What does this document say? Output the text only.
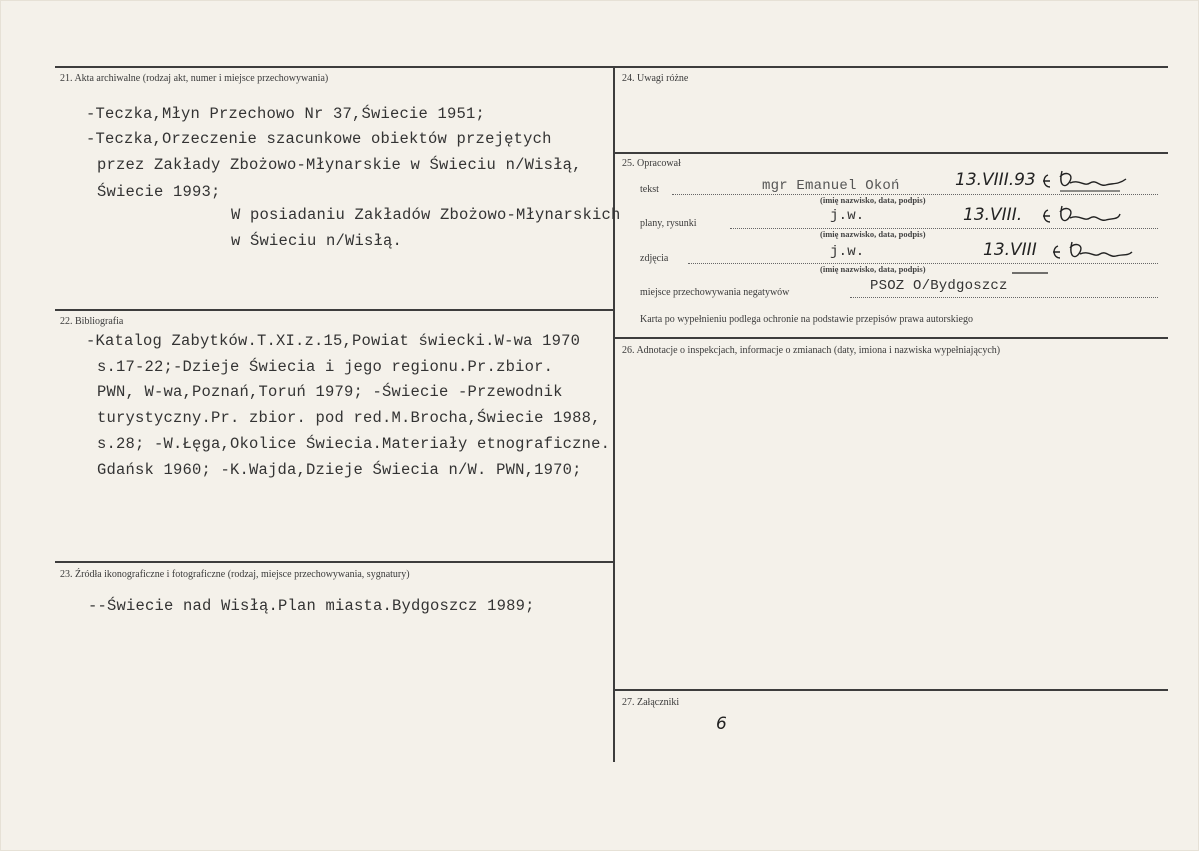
21. Akta archiwalne (rodzaj akt, numer i miejsce przechowywania)
-Teczka,Młyn Przechowo Nr 37,Świecie 1951;
-Teczka,Orzeczenie szacunkowe obiektów przejętych
przez Zakłady Zbożowo-Młynarskie w Świeciu n/Wisłą,
Świecie 1993;
W posiadaniu Zakładów Zbożowo-Młynarskich
w Świeciu n/Wisłą.
22. Bibliografia
-Katalog Zabytków.T.XI.z.15,Powiat świecki.W-wa 1970
s.17-22;-Dzieje Świecia i jego regionu.Pr.zbior.
PWN, W-wa,Poznań,Toruń 1979; -Świecie -Przewodnik
turystyczny.Pr. zbior. pod red.M.Brocha,Świecie 1988,
s.28; -W.Łęga,Okolice Świecia.Materiały etnograficzne.
Gdańsk 1960; -K.Wajda,Dzieje Świecia n/W. PWN,1970;
23. Źródła ikonograficzne i fotograficzne (rodzaj, miejsce przechowywania, sygnatury)
--Świecie nad Wisłą.Plan miasta.Bydgoszcz 1989;
24. Uwagi różne
25. Opracował
tekst	mgr Emanuel Okoń	13.VIII.93
(imię nazwisko, data, podpis)
plany, rysunki	j.w.	13.VIII.
(imię nazwisko, data, podpis)
zdjęcia	j.w.	13.VIII
(imię nazwisko, data, podpis)
miejsce przechowywania negatywów	PSOZ O/Bydgoszcz
Karta po wypełnieniu podlega ochronie na podstawie przepisów prawa autorskiego
26. Adnotacje o inspekcjach, informacje o zmianach (daty, imiona i nazwiska wypełniających)
27. Załączniki
6
